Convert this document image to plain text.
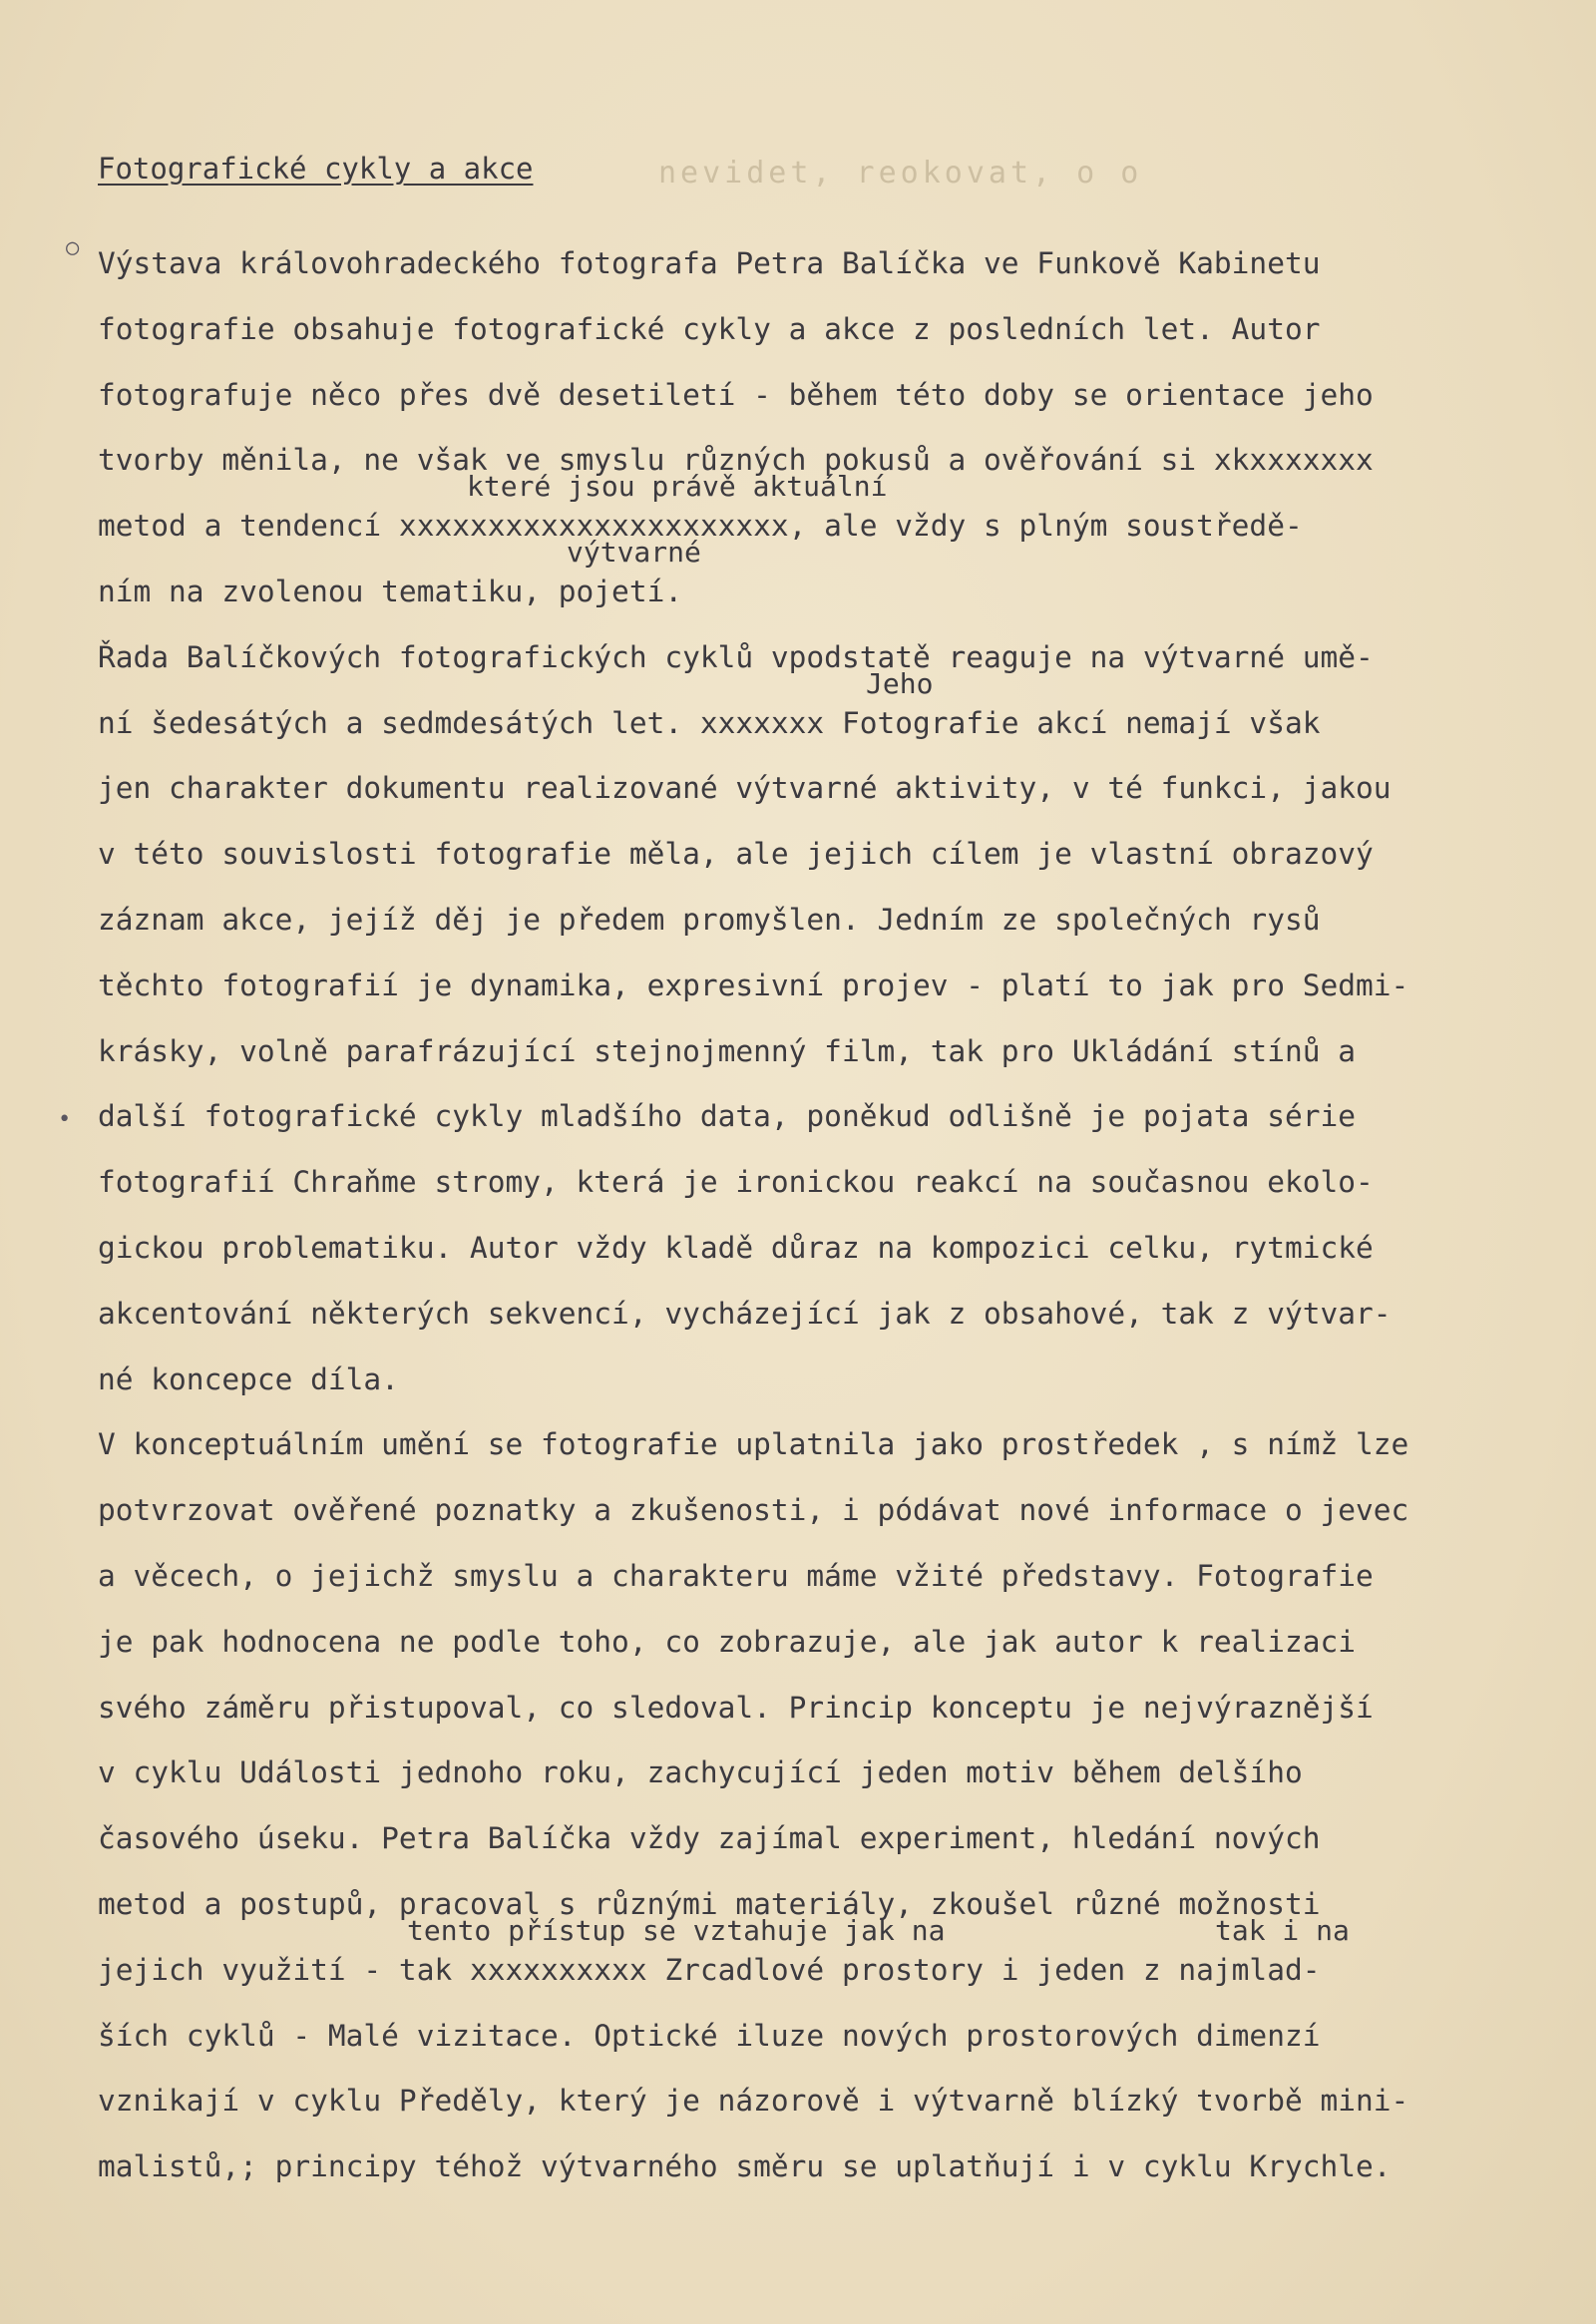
nevidet, reokovat, o o
Fotografické cykly a akce
Výstava královohradeckého fotografa Petra Balíčka ve Funkově Kabinetu
fotografie obsahuje fotografické cykly a akce z posledních let. Autor
fotografuje něco přes dvě desetiletí - během této doby se orientace jeho
tvorby měnila, ne však ve smyslu různých pokusů a ověřování si xkxxxxxxx
které jsou právě aktuální
metod a tendencí xxxxxxxxxxxxxxxxxxxxxx, ale vždy s plným soustředě-
výtvarné
ním na zvolenou tematiku, pojetí.
Řada Balíčkových fotografických cyklů vpodstatě reaguje na výtvarné umě-
Jeho
ní šedesátých a sedmdesátých let. xxxxxxx Fotografie akcí nemají však
jen charakter dokumentu realizované výtvarné aktivity, v té funkci, jakou
v této souvislosti fotografie měla, ale jejich cílem je vlastní obrazový
záznam akce, jejíž děj je předem promyšlen. Jedním ze společných rysů
těchto fotografií je dynamika, expresivní projev - platí to jak pro Sedmi-
krásky, volně parafrázující stejnojmenný film, tak pro Ukládání stínů a
další fotografické cykly mladšího data, poněkud odlišně je pojata série
fotografií Chraňme stromy, která je ironickou reakcí na současnou ekolo-
gickou problematiku. Autor vždy kladě důraz na kompozici celku, rytmické
akcentování některých sekvencí, vycházející jak z obsahové, tak z výtvar-
né koncepce díla.
V konceptuálním umění se fotografie uplatnila jako prostředek , s nímž lze
potvrzovat ověřené poznatky a zkušenosti, i pódávat nové informace o jevec
a věcech, o jejichž smyslu a charakteru máme vžité představy. Fotografie
je pak hodnocena ne podle toho, co zobrazuje, ale jak autor k realizaci
svého záměru přistupoval, co sledoval. Princip konceptu je nejvýraznější
v cyklu Události jednoho roku, zachycující jeden motiv během delšího
časového úseku. Petra Balíčka vždy zajímal experiment, hledání nových
metod a postupů, pracoval s různými materiály, zkoušel různé možnosti
tento přístup se vztahuje jak na	tak i na
jejich využití - tak xxxxxxxxxx Zrcadlové prostory i jeden z najmlad-
ších cyklů - Malé vizitace. Optické iluze nových prostorových dimenzí
vznikají v cyklu Předěly, který je názorově i výtvarně blízký tvorbě mini-
malistů,; principy téhož výtvarného směru se uplatňují i v cyklu Krychle.
○
•
